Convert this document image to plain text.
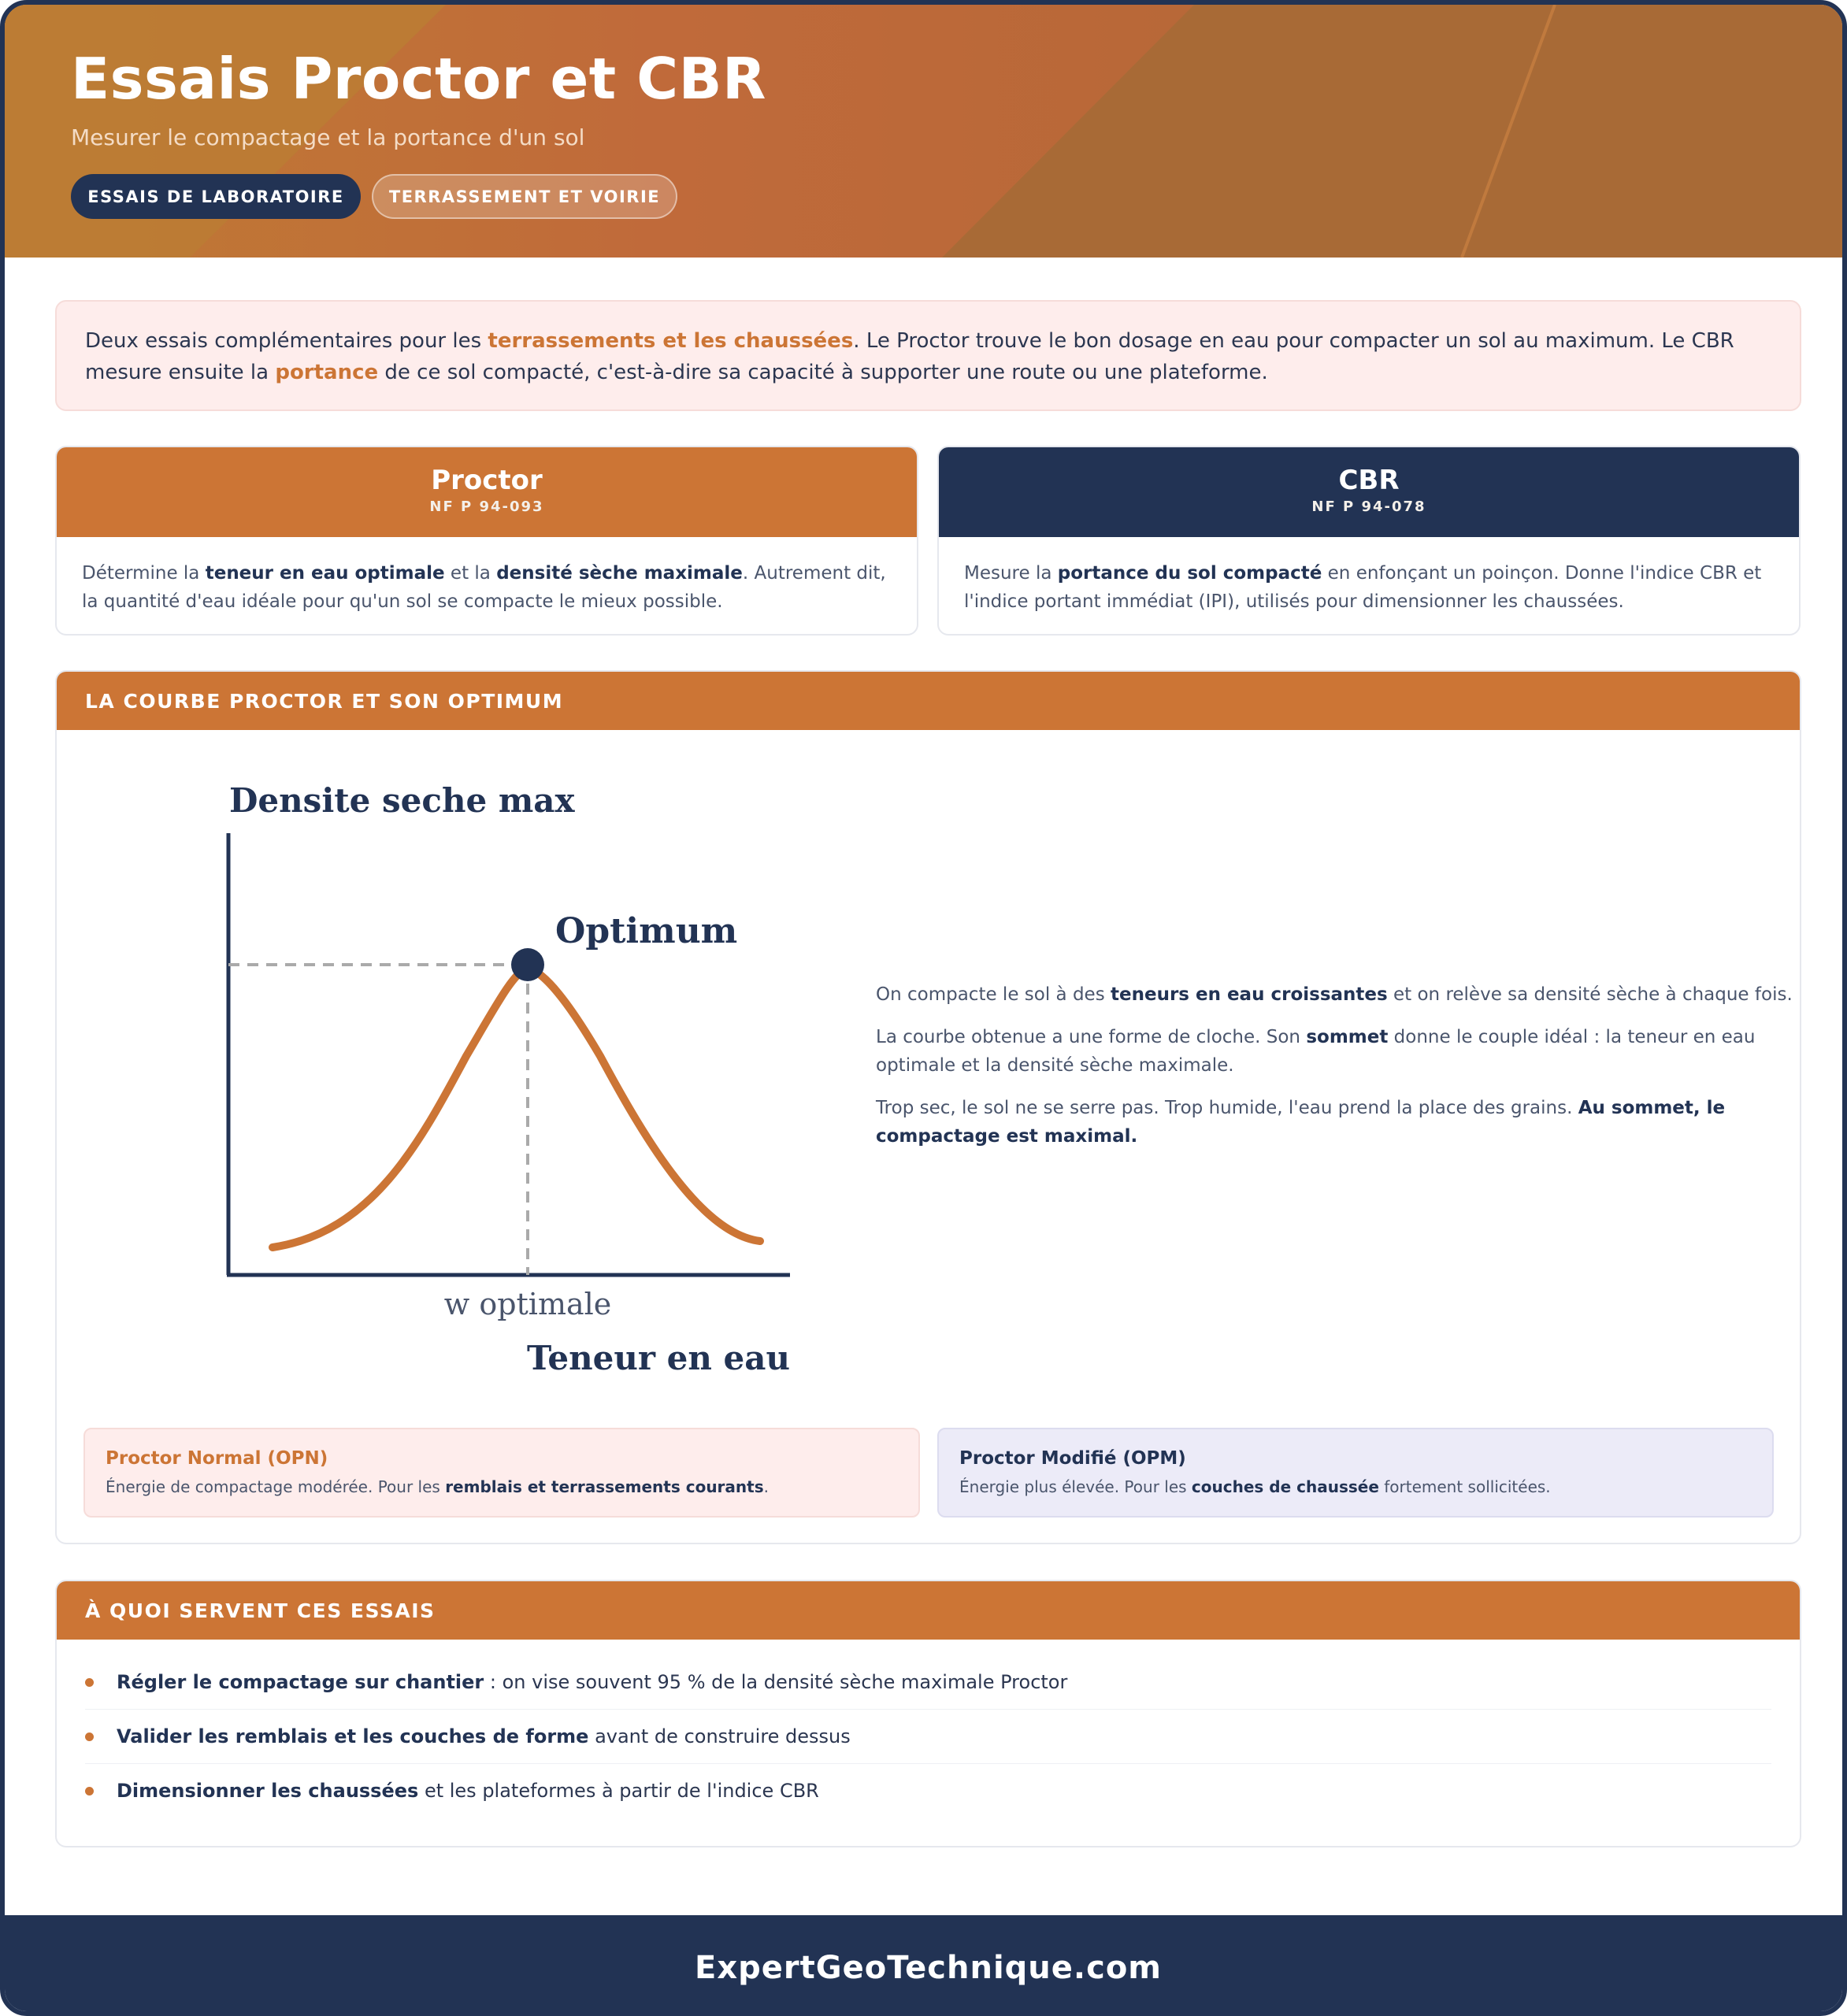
Essais Proctor et CBR
Mesurer le compactage et la portance d'un sol
ESSAIS DE LABORATOIRE	TERRASSEMENT ET VOIRIE
Deux essais complémentaires pour les terrassements et les chaussées. Le Proctor trouve le bon dosage en eau pour compacter un sol au maximum. Le CBR mesure ensuite la portance de ce sol compacté, c'est-à-dire sa capacité à supporter une route ou une plateforme.
Proctor
NF P 94-093
Détermine la teneur en eau optimale et la densité sèche maximale. Autrement dit, la quantité d'eau idéale pour qu'un sol se compacte le mieux possible.
CBR
NF P 94-078
Mesure la portance du sol compacté en enfonçant un poinçon. Donne l'indice CBR et l'indice portant immédiat (IPI), utilisés pour dimensionner les chaussées.
LA COURBE PROCTOR ET SON OPTIMUM
Densite seche max
Optimum
w optimale
Teneur en eau

On compacte le sol à des teneurs en eau croissantes et on relève sa densité sèche à chaque fois.

La courbe obtenue a une forme de cloche. Son sommet donne le couple idéal : la teneur en eau optimale et la densité sèche maximale.

Trop sec, le sol ne se serre pas. Trop humide, l'eau prend la place des grains. Au sommet, le compactage est maximal.

Proctor Normal (OPN)
Énergie de compactage modérée. Pour les remblais et terrassements courants.
Proctor Modifié (OPM)
Énergie plus élevée. Pour les couches de chaussée fortement sollicitées.
À QUOI SERVENT CES ESSAIS
Régler le compactage sur chantier : on vise souvent 95 % de la densité sèche maximale Proctor
Valider les remblais et les couches de forme avant de construire dessus
Dimensionner les chaussées et les plateformes à partir de l'indice CBR
ExpertGeoTechnique.com
